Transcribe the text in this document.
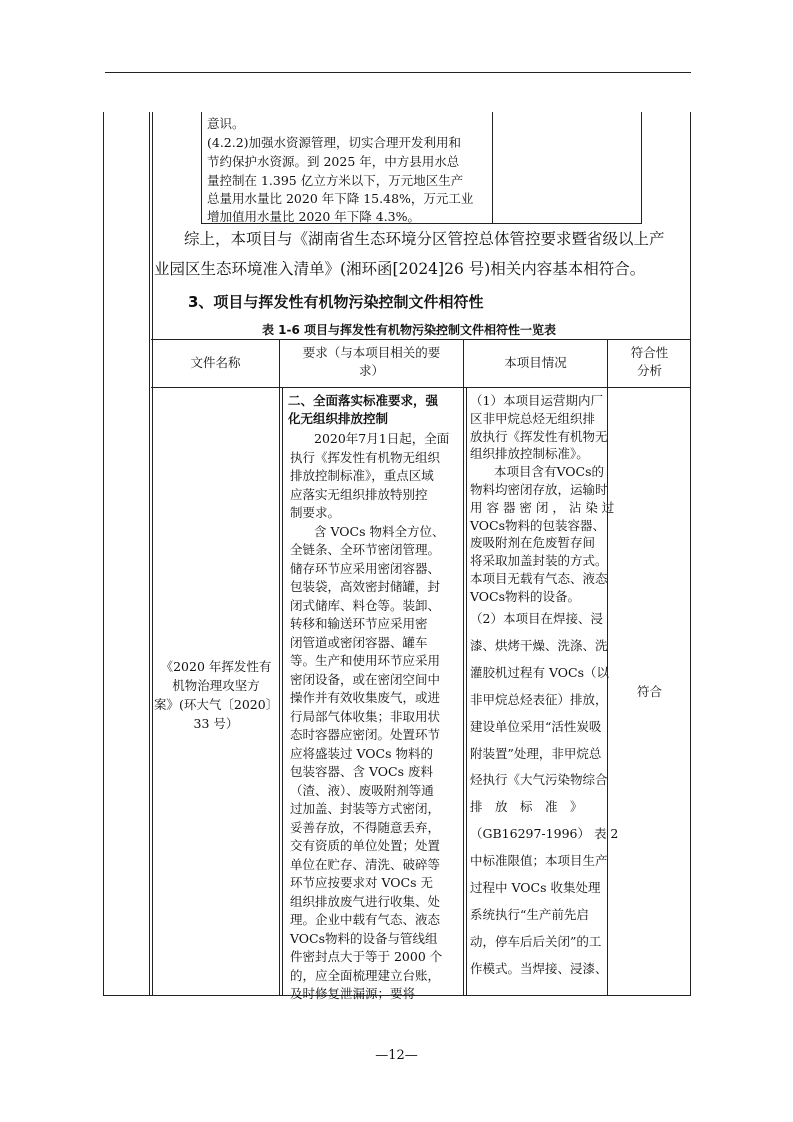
意识。
(4.2.2)加强水资源管理，切实合理开发利用和
节约保护水资源。到 2025 年，中方县用水总
量控制在 1.395 亿立方米以下，万元地区生产
总量用水量比 2020 年下降 15.48%，万元工业
增加值用水量比 2020 年下降 4.3%。
综上，本项目与《湖南省生态环境分区管控总体管控要求暨省级以上产
业园区生态环境准入清单》(湘环函[2024]26 号)相关内容基本相符合。
3、项目与挥发性有机物污染控制文件相符性
表 1-6 项目与挥发性有机物污染控制文件相符性一览表
文件名称
要求（与本项目相关的要
求）
本项目情况
符合性
分析
《2020 年挥发性有
机物治理攻坚方
案》(环大气〔2020〕
33 号）
二、全面落实标准要求，强
化无组织排放控制
2020年7月1日起，全面
执行《挥发性有机物无组织
排放控制标准》，重点区域
应落实无组织排放特别控
制要求。
含 VOCs 物料全方位、
全链条、全环节密闭管理。
储存环节应采用密闭容器、
包装袋，高效密封储罐，封
闭式储库、料仓等。装卸、
转移和输送环节应采用密
闭管道或密闭容器、罐车
等。生产和使用环节应采用
密闭设备，或在密闭空间中
操作并有效收集废气，或进
行局部气体收集；非取用状
态时容器应密闭。处置环节
应将盛装过 VOCs 物料的
包装容器、含 VOCs 废料
（渣、液）、废吸附剂等通
过加盖、封装等方式密闭，
妥善存放，不得随意丢弃，
交有资质的单位处置；处置
单位在贮存、清洗、破碎等
环节应按要求对 VOCs 无
组织排放废气进行收集、处
理。企业中载有气态、液态
VOCs物料的设备与管线组
件密封点大于等于 2000 个
的，应全面梳理建立台账，
及时修复泄漏源；要将
（1）本项目运营期内厂
区非甲烷总烃无组织排
放执行《挥发性有机物无
组织排放控制标准》。
本项目含有VOCs的
物料均密闭存放，运输时
用 容 器 密 闭 ， 沾 染 过
VOCs物料的包装容器、
废吸附剂在危废暂存间
将采取加盖封装的方式。
本项目无载有气态、液态
VOCs物料的设备。
（2）本项目在焊接、浸
漆、烘烤干燥、洗涤、洗
灌胶机过程有 VOCs（以
非甲烷总烃表征）排放，
建设单位采用“活性炭吸
附装置”处理，非甲烷总
烃执行《大气污染物综合
排　放　标　准　》
（GB16297-1996） 表 2
中标准限值；本项目生产
过程中 VOCs 收集处理
系统执行“生产前先启
动，停车后后关闭”的工
作模式。当焊接、浸漆、
符合
—12—
